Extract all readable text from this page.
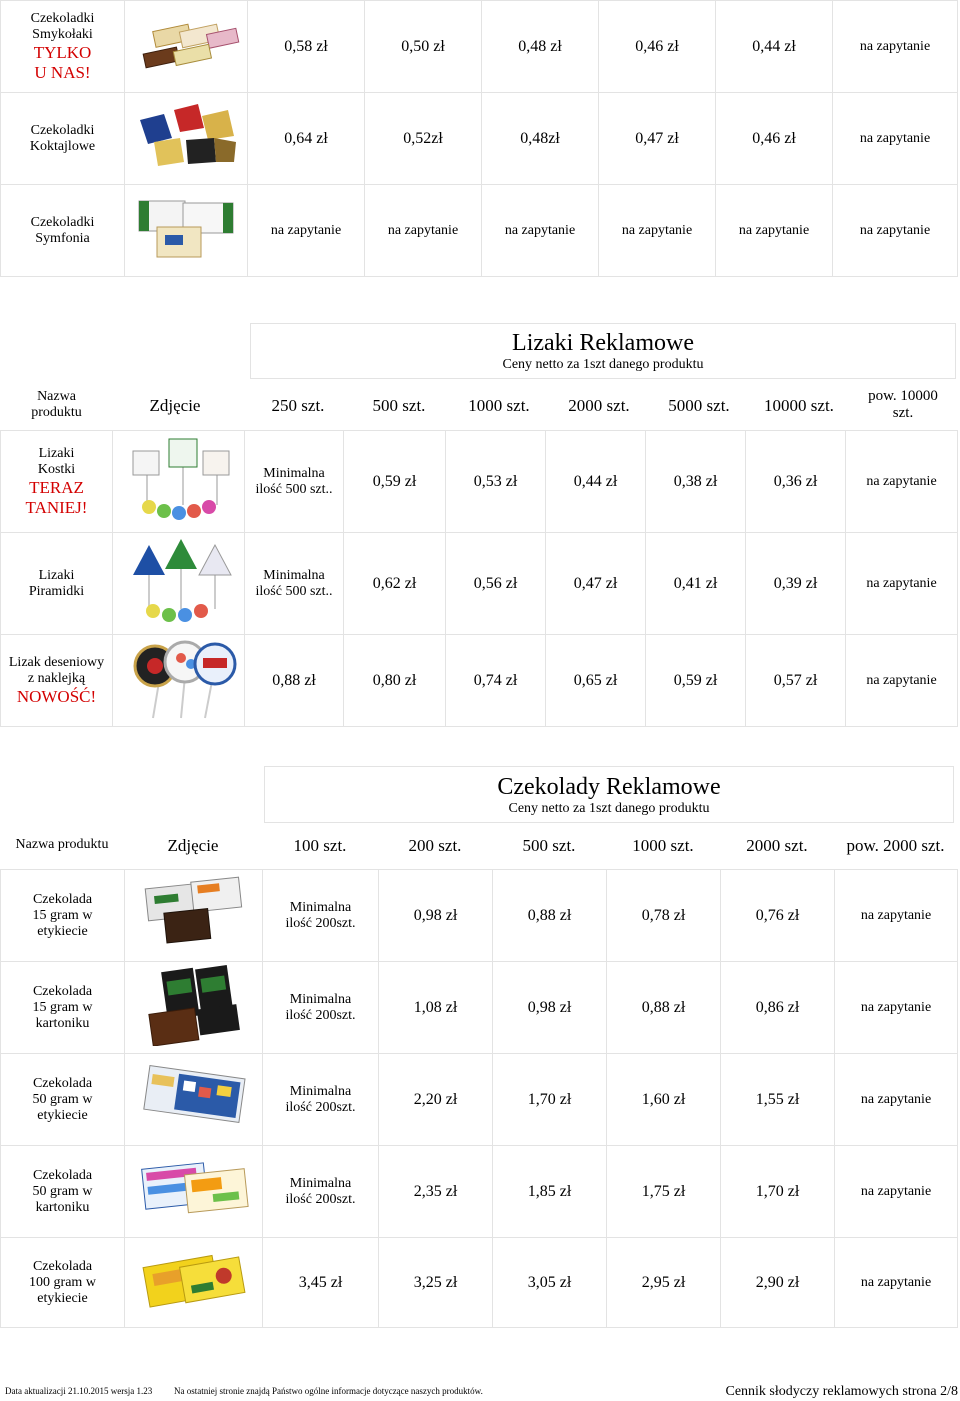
Czekoladki
Smykołaki
TYLKO
U NAS!		0,58 zł	0,50 zł	0,48 zł	0,46 zł	0,44 zł	na zapytanie
Czekoladki
Koktajlowe		0,64 zł	0,52zł	0,48zł	0,47 zł	0,46 zł	na zapytanie
Czekoladki
Symfonia		na zapytanie	na zapytanie	na zapytanie	na zapytanie	na zapytanie	na zapytanie
Lizaki Reklamowe
Ceny netto za 1szt danego produktu
Nazwa
produktu	Zdjęcie	250 szt.	500 szt.	1000 szt.	2000 szt.	5000 szt.	10000 szt.	pow. 10000
szt.
Lizaki
Kostki
TERAZ
TANIEJ!		Minimalna
ilość 500 szt..	0,59 zł	0,53 zł	0,44 zł	0,38 zł	0,36 zł	na zapytanie
Lizaki
Piramidki		Minimalna
ilość 500 szt..	0,62 zł	0,56 zł	0,47 zł	0,41 zł	0,39 zł	na zapytanie
Lizak deseniowy
z naklejką
NOWOŚĆ!		0,88 zł	0,80 zł	0,74 zł	0,65 zł	0,59 zł	0,57 zł	na zapytanie
Czekolady Reklamowe
Ceny netto za 1szt danego produktu
Nazwa produktu	Zdjęcie	100 szt.	200 szt.	500 szt.	1000 szt.	2000 szt.	pow. 2000 szt.
Czekolada
15 gram w
etykiecie		Minimalna
ilość 200szt.	0,98 zł	0,88 zł	0,78 zł	0,76 zł	na zapytanie
Czekolada
15 gram w
kartoniku		Minimalna
ilość 200szt.	1,08 zł	0,98 zł	0,88 zł	0,86 zł	na zapytanie
Czekolada
50 gram w
etykiecie		Minimalna
ilość 200szt.	2,20 zł	1,70 zł	1,60 zł	1,55 zł	na zapytanie
Czekolada
50 gram w
kartoniku		Minimalna
ilość 200szt.	2,35 zł	1,85 zł	1,75 zł	1,70 zł	na zapytanie
Czekolada
100 gram w
etykiecie		3,45 zł	3,25 zł	3,05 zł	2,95 zł	2,90 zł	na zapytanie
Data aktualizacji 21.10.2015 wersja 1.23 Na ostatniej stronie znajdą Państwo ogólne informacje dotyczące naszych produktów.	Cennik słodyczy reklamowych strona 2/8
